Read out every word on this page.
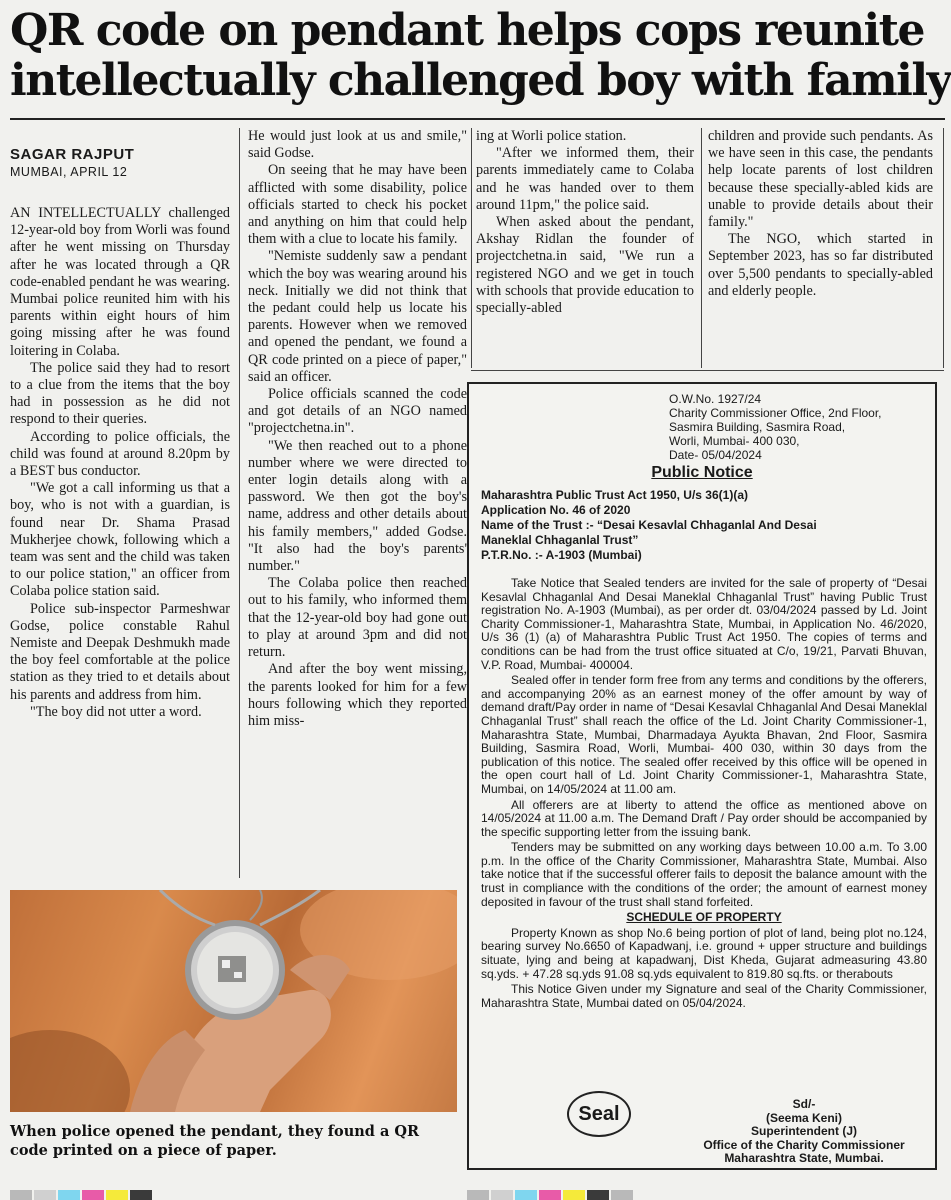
QR code on pendant helps cops reunite
intellectually challenged boy with family
SAGAR RAJPUT
MUMBAI, APRIL 12

AN INTELLECTUALLY challenged 12-year-old boy from Worli was found after he went missing on Thursday after he was located through a QR code-enabled pendant he was wearing. Mumbai police reunited him with his parents within eight hours of him going missing after he was found loitering in Colaba.

The police said they had to resort to a clue from the items that the boy had in possession as he did not respond to their queries.

According to police officials, the child was found at around 8.20pm by a BEST bus conductor.

"We got a call informing us that a boy, who is not with a guardian, is found near Dr. Shama Prasad Mukherjee chowk, following which a team was sent and the child was taken to our police station," an officer from Colaba police station said.

Police sub-inspector Parmeshwar Godse, police constable Rahul Nemiste and Deepak Deshmukh made the boy feel comfortable at the police station as they tried to et details about his parents and address from him.

"The boy did not utter a word.

He would just look at us and smile," said Godse.

On seeing that he may have been afflicted with some disability, police officials started to check his pocket and anything on him that could help them with a clue to locate his family.

"Nemiste suddenly saw a pendant which the boy was wearing around his neck. Initially we did not think that the pedant could help us locate his parents. However when we removed and opened the pendant, we found a QR code printed on a piece of paper," said an officer.

Police officials scanned the code and got details of an NGO named "projectchetna.in".

"We then reached out to a phone number where we were directed to enter login details along with a password. We then got the boy's name, address and other details about his family members," added Godse. "It also had the boy's parents' number."

The Colaba police then reached out to his family, who informed them that the 12-year-old boy had gone out to play at around 3pm and did not return.

And after the boy went missing, the parents looked for him for a few hours following which they reported him miss-

ing at Worli police station.

"After we informed them, their parents immediately came to Colaba and he was handed over to them around 11pm," the police said.

When asked about the pendant, Akshay Ridlan the founder of projectchetna.in said, "We run a registered NGO and we get in touch with schools that provide education to specially-abled

children and provide such pendants. As we have seen in this case, the pendants help locate parents of lost children because these specially-abled kids are unable to provide details about their family."

The NGO, which started in September 2023, has so far distributed over 5,500 pendants to specially-abled and elderly people.

When police opened the pendant, they found a QR code printed on a piece of paper.
O.W.No. 1927/24
Charity Commissioner Office, 2nd Floor,
Sasmira Building, Sasmira Road,
Worli, Mumbai- 400 030,
Date- 05/04/2024
Public Notice
Maharashtra Public Trust Act 1950, U/s 36(1)(a)
Application No. 46 of 2020
Name of the Trust :- “Desai Kesavlal Chhaganlal And Desai Maneklal Chhaganlal Trust”
P.T.R.No. :- A-1903 (Mumbai)

Take Notice that Sealed tenders are invited for the sale of property of “Desai Kesavlal Chhaganlal And Desai Maneklal Chhaganlal Trust” having Public Trust registration No. A-1903 (Mumbai), as per order dt. 03/04/2024 passed by Ld. Joint Charity Commissioner-1, Maharashtra State, Mumbai, in Application No. 46/2020, U/s 36 (1) (a) of Maharashtra Public Trust Act 1950. The copies of terms and conditions can be had from the trust office situated at C/o, 19/21, Parvati Bhuvan, V.P. Road, Mumbai- 400004.

Sealed offer in tender form free from any terms and conditions by the offerers, and accompanying 20% as an earnest money of the offer amount by way of demand draft/Pay order in name of “Desai Kesavlal Chhaganlal And Desai Maneklal Chhaganlal Trust” shall reach the office of the Ld. Joint Charity Commissioner-1, Maharashtra State, Mumbai, Dharmadaya Ayukta Bhavan, 2nd Floor, Sasmira Building, Sasmira Road, Worli, Mumbai- 400 030, within 30 days from the publication of this notice. The sealed offer received by this office will be opened in the open court hall of Ld. Joint Charity Commissioner-1, Maharashtra State, Mumbai, on 14/05/2024 at 11.00 am.

All offerers are at liberty to attend the office as mentioned above on 14/05/2024 at 11.00 a.m. The Demand Draft / Pay order should be accompanied by the specific supporting letter from the issuing bank.

Tenders may be submitted on any working days between 10.00 a.m. To 3.00 p.m. In the office of the Charity Commissioner, Maharashtra State, Mumbai. Also take notice that if the successful offerer fails to deposit the balance amount with the trust in compliance with the conditions of the order; the amount of earnest money deposited in favour of the trust shall stand forfeited.

SCHEDULE OF PROPERTY

Property Known as shop No.6 being portion of plot of land, being plot no.124, bearing survey No.6650 of Kapadwanj, i.e. ground + upper structure and buildings situate, lying and being at kapadwanj, Dist Kheda, Gujarat admeasuring 43.80 sq.yds. + 47.28 sq.yds 91.08 sq.yds equivalent to 819.80 sq.fts. or therabouts

This Notice Given under my Signature and seal of the Charity Commissioner, Maharashtra State, Mumbai dated on 05/04/2024.

Seal	Sd/-
(Seema Keni)
Superintendent (J)
Office of the Charity Commissioner
Maharashtra State, Mumbai.
